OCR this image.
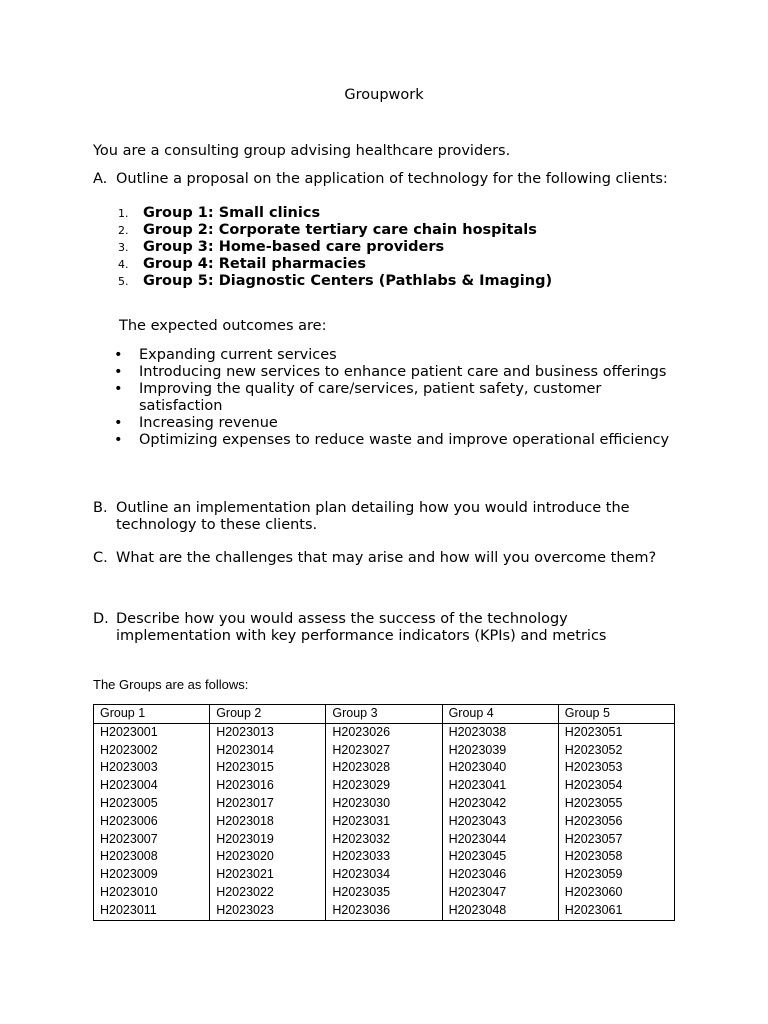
Groupwork
You are a consulting group advising healthcare providers.
A. Outline a proposal on the application of technology for the following clients:
1. Group 1: Small clinics
2. Group 2: Corporate tertiary care chain hospitals
3. Group 3: Home-based care providers
4. Group 4: Retail pharmacies
5. Group 5: Diagnostic Centers (Pathlabs & Imaging)
The expected outcomes are:
• Expanding current services
• Introducing new services to enhance patient care and business offerings
• Improving the quality of care/services, patient safety, customer satisfaction
• Increasing revenue
• Optimizing expenses to reduce waste and improve operational efficiency
B. Outline an implementation plan detailing how you would introduce the technology to these clients.
C. What are the challenges that may arise and how will you overcome them?
D. Describe how you would assess the success of the technology implementation with key performance indicators (KPIs) and metrics
The Groups are as follows:
Group 1	Group 2	Group 3	Group 4	Group 5
H2023001	H2023013	H2023026	H2023038	H2023051
H2023002	H2023014	H2023027	H2023039	H2023052
H2023003	H2023015	H2023028	H2023040	H2023053
H2023004	H2023016	H2023029	H2023041	H2023054
H2023005	H2023017	H2023030	H2023042	H2023055
H2023006	H2023018	H2023031	H2023043	H2023056
H2023007	H2023019	H2023032	H2023044	H2023057
H2023008	H2023020	H2023033	H2023045	H2023058
H2023009	H2023021	H2023034	H2023046	H2023059
H2023010	H2023022	H2023035	H2023047	H2023060
H2023011	H2023023	H2023036	H2023048	H2023061
